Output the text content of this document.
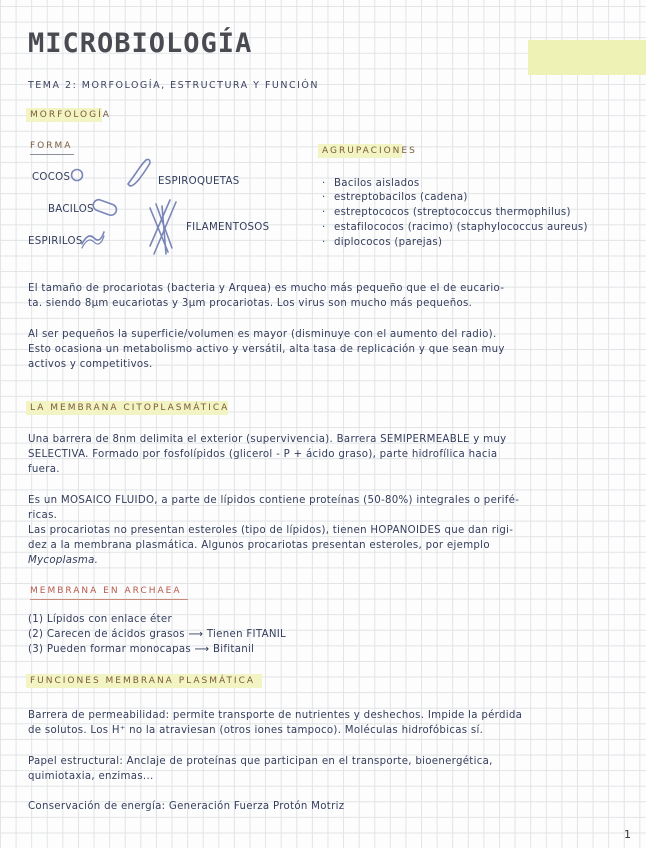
MICROBIOLOGÍA
TEMA 2: MORFOLOGÍA, ESTRUCTURA Y FUNCIÓN
MORFOLOGÍA
FORMA
COCOS
BACILOS
ESPIRILOS
ESPIROQUETAS
FILAMENTOSOS
AGRUPACIONES
· Bacilos aislados
· estreptobacilos (cadena)
· estreptococos (streptococcus thermophilus)
· estafilococos (racimo) (staphylococcus aureus)
· diplococos (parejas)
El tamaño de procariotas (bacteria y Arquea) es mucho más pequeño que el de eucario-
ta. siendo 8µm eucariotas y 3µm procariotas. Los virus son mucho más pequeños.
Al ser pequeños la superficie/volumen es mayor (disminuye con el aumento del radio).
Esto ocasiona un metabolismo activo y versátil, alta tasa de replicación y que sean muy
activos y competitivos.
LA MEMBRANA CITOPLASMÁTICA
Una barrera de 8nm delimita el exterior (supervivencia). Barrera SEMIPERMEABLE y muy
SELECTIVA. Formado por fosfolípidos (glicerol - P + ácido graso), parte hidrofílica hacia
fuera.
Es un MOSAICO FLUIDO, a parte de lípidos contiene proteínas (50-80%) integrales o perifé-
ricas.
Las procariotas no presentan esteroles (tipo de lípidos), tienen HOPANOIDES que dan rigi-
dez a la membrana plasmática. Algunos procariotas presentan esteroles, por ejemplo
Mycoplasma.
MEMBRANA EN ARCHAEA
(1) Lípidos con enlace éter
(2) Carecen de ácidos grasos ⟶ Tienen FITANIL
(3) Pueden formar monocapas ⟶ Bifitanil
FUNCIONES MEMBRANA PLASMÁTICA
Barrera de permeabilidad: permite transporte de nutrientes y deshechos. Impide la pérdida
de solutos. Los H⁺ no la atraviesan (otros iones tampoco). Moléculas hidrofóbicas sí.
Papel estructural: Anclaje de proteínas que participan en el transporte, bioenergética,
quimiotaxia, enzimas...
Conservación de energía: Generación Fuerza Protón Motriz
1
